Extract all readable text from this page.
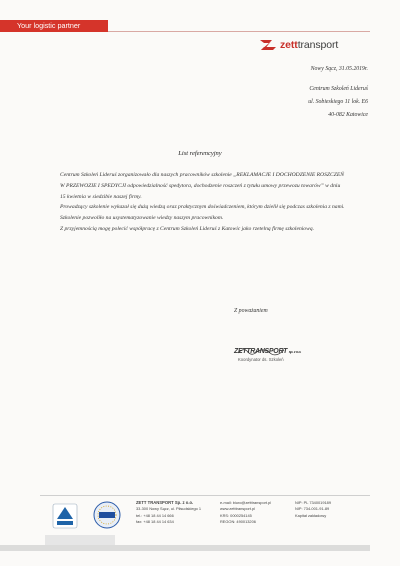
Your logistic partner
zetttransport
Nowy Sącz, 31.05.2019r.
Centrum Szkoleń Lideruś
ul. Sobieskiego 11 lok. E6
40-082 Katowice
List referencyjny

Centrum Szkoleń Lideruś zorganizowało dla naszych pracowników szkolenie „REKLAMACJE I DOCHODZENIE ROSZCZEŃ W PRZEWOZIE I SPEDYCJI odpowiedzialność spedytora, dochodzenie roszczeń z tytułu umowy przewozu towarów” w dniu 15 kwietnia w siedzibie naszej firmy.

Prowadzący szkolenie wykazał się dużą wiedzą oraz praktycznym doświadczeniem, którym dzielił się podczas szkolenia z nami.

Szkolenie pozwoliło na usystematyzowanie wiedzy naszym pracownikom.

Z przyjemnością mogę polecić współpracę z Centrum Szkoleń Lideruś z Katowic jako rzetelną firmę szkoleniową.

Z poważaniem
ZETTRANSPORT sp. z o.o.
Koordynator ds. Szkoleń
ZETT TRANSPORT Sp. z o.o.
33-300 Nowy Sącz, ul. Piłsudskiego 1
tel.: +48 18 44 14 666
fax: +48 18 44 14 634
e-mail: biuro@zetttransport.pl
www.zetttransport.pl
KRS: 0000254145
REGON: 490013206
NIP: PL 7340019189
NIP: 734-001-91-89
Kapitał zakładowy
